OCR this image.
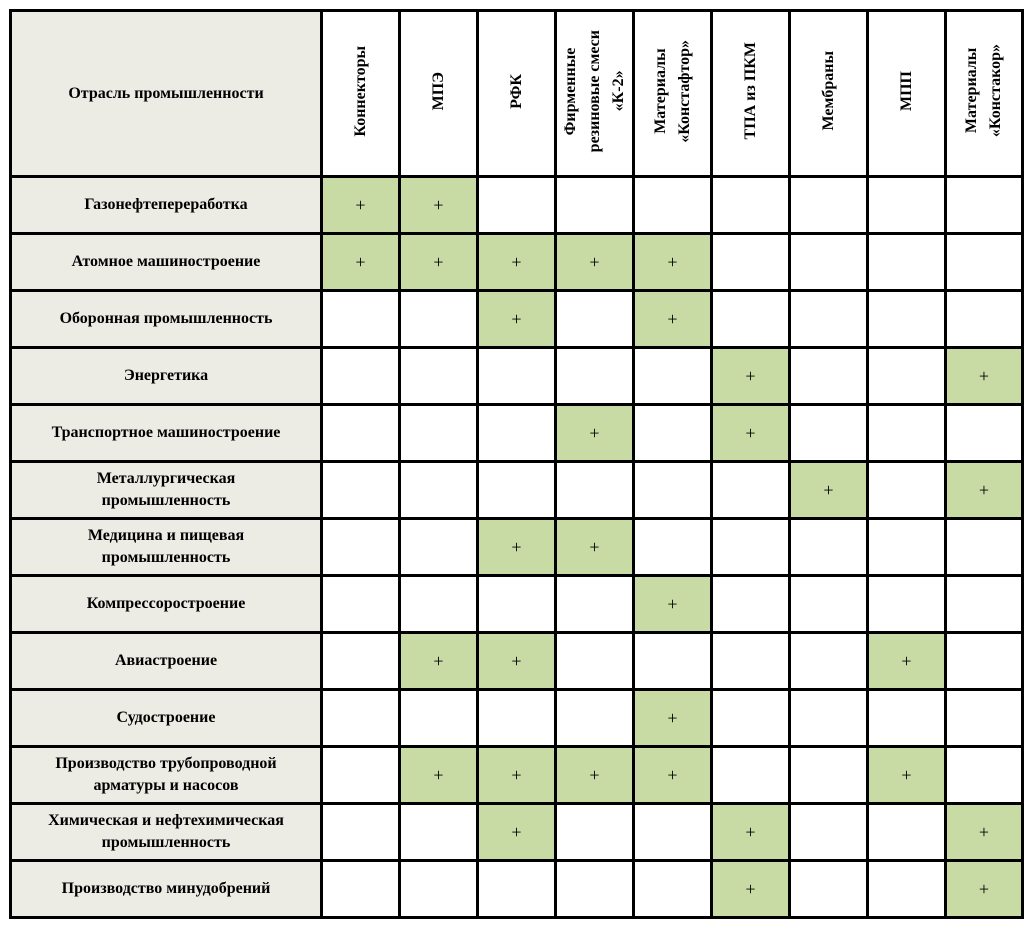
Отрасль промышленности	Коннекторы	МПЭ	РФК	Фирменные
резиновые смеси
«К-2»	Материалы
«Констафтор»	ТПА из ПКМ	Мембраны	МПП	Материалы
«Констакор»
Газонефтепереработка	+	+							
Атомное машиностроение	+	+	+	+	+				
Оборонная промышленность			+		+				
Энергетика						+			+
Транспортное машиностроение				+		+			
Металлургическая
промышленность							+		+
Медицина и пищевая
промышленность			+	+					
Компрессоростроение					+				
Авиастроение		+	+					+	
Судостроение					+				
Производство трубопроводной
арматуры и насосов		+	+	+	+			+	
Химическая и нефтехимическая
промышленность			+			+			+
Производство минудобрений						+			+
